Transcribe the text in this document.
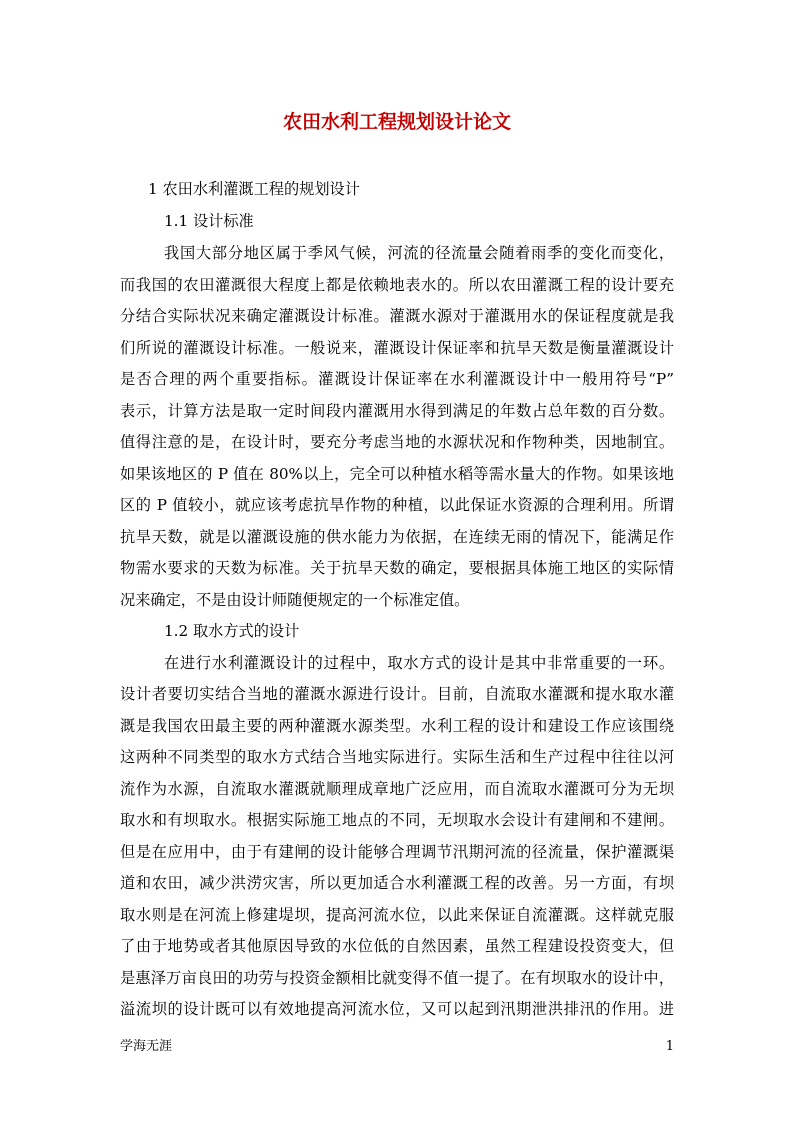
农田水利工程规划设计论文
1 农田水利灌溉工程的规划设计
1.1 设计标准
我国大部分地区属于季风气候，河流的径流量会随着雨季的变化而变化，
而我国的农田灌溉很大程度上都是依赖地表水的。所以农田灌溉工程的设计要充
分结合实际状况来确定灌溉设计标准。灌溉水源对于灌溉用水的保证程度就是我
们所说的灌溉设计标准。一般说来，灌溉设计保证率和抗旱天数是衡量灌溉设计
是否合理的两个重要指标。灌溉设计保证率在水利灌溉设计中一般用符号“P”
表示，计算方法是取一定时间段内灌溉用水得到满足的年数占总年数的百分数。
值得注意的是，在设计时，要充分考虑当地的水源状况和作物种类，因地制宜。
如果该地区的 P 值在 80%以上，完全可以种植水稻等需水量大的作物。如果该地
区的 P 值较小，就应该考虑抗旱作物的种植，以此保证水资源的合理利用。所谓
抗旱天数，就是以灌溉设施的供水能力为依据，在连续无雨的情况下，能满足作
物需水要求的天数为标准。关于抗旱天数的确定，要根据具体施工地区的实际情
况来确定，不是由设计师随便规定的一个标准定值。
1.2 取水方式的设计
在进行水利灌溉设计的过程中，取水方式的设计是其中非常重要的一环。
设计者要切实结合当地的灌溉水源进行设计。目前，自流取水灌溉和提水取水灌
溉是我国农田最主要的两种灌溉水源类型。水利工程的设计和建设工作应该围绕
这两种不同类型的取水方式结合当地实际进行。实际生活和生产过程中往往以河
流作为水源，自流取水灌溉就顺理成章地广泛应用，而自流取水灌溉可分为无坝
取水和有坝取水。根据实际施工地点的不同，无坝取水会设计有建闸和不建闸。
但是在应用中，由于有建闸的设计能够合理调节汛期河流的径流量，保护灌溉渠
道和农田，减少洪涝灾害，所以更加适合水利灌溉工程的改善。另一方面，有坝
取水则是在河流上修建堤坝，提高河流水位，以此来保证自流灌溉。这样就克服
了由于地势或者其他原因导致的水位低的自然因素，虽然工程建设投资变大，但
是惠泽万亩良田的功劳与投资金额相比就变得不值一提了。在有坝取水的设计中，
溢流坝的设计既可以有效地提高河流水位，又可以起到汛期泄洪排汛的作用。进
学海无涯	1
